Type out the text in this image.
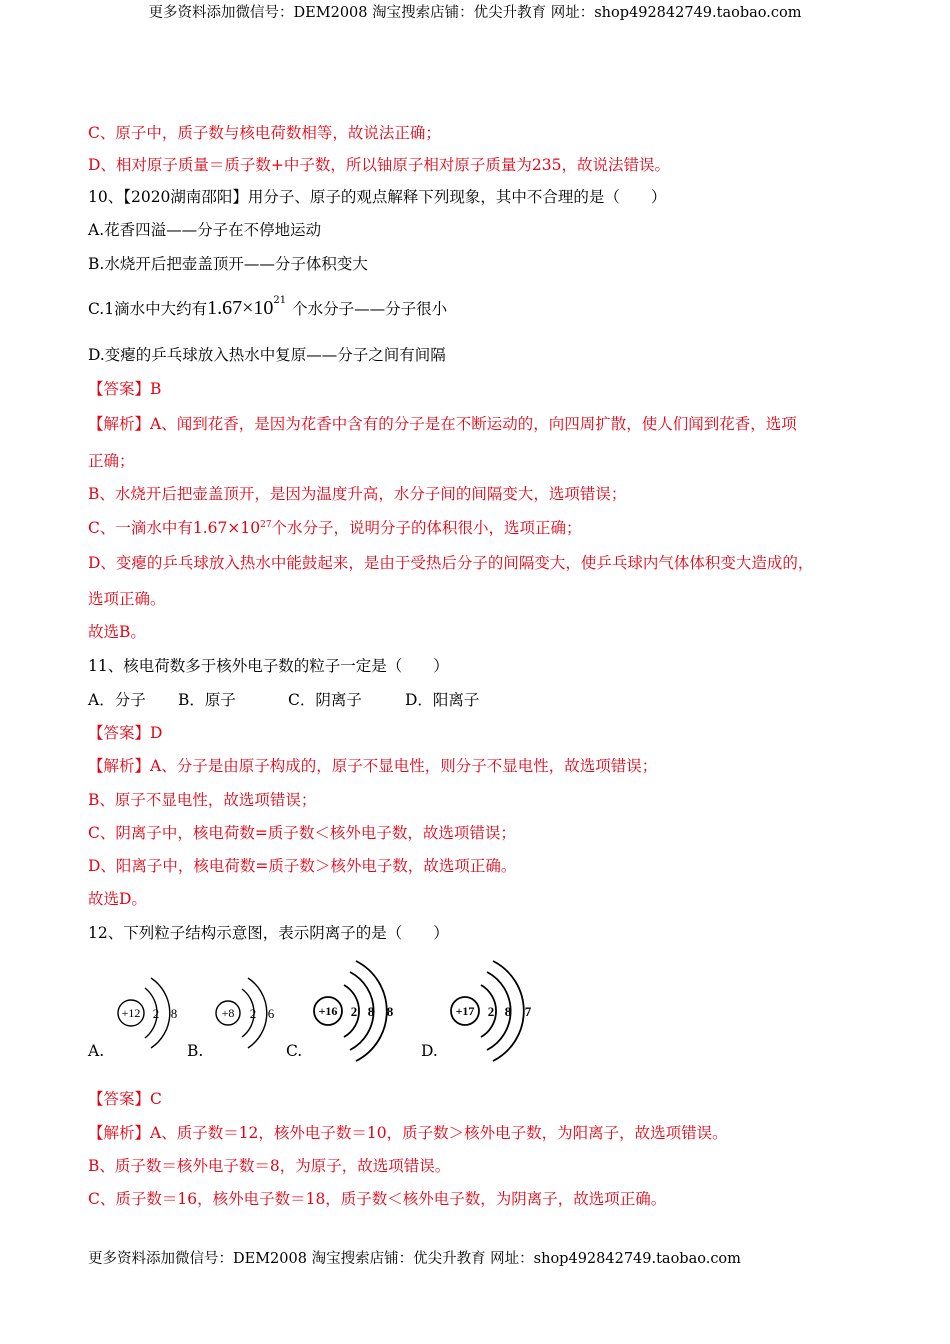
更多资料添加微信号：DEM2008 淘宝搜索店铺：优尖升教育 网址：shop492842749.taobao.com
C、原子中，质子数与核电荷数相等，故说法正确；
D、相对原子质量＝质子数+中子数，所以铀原子相对原子质量为235，故说法错误。
10、【2020湖南邵阳】用分子、原子的观点解释下列现象，其中不合理的是（　　）
A.花香四溢——分子在不停地运动
B.水烧开后把壶盖顶开——分子体积变大
C.1滴水中大约有$1.67\times 10^{21}$ 个水分子——分子很小
D.变瘪的乒乓球放入热水中复原——分子之间有间隔
【答案】B
【解析】A、闻到花香，是因为花香中含有的分子是在不断运动的，向四周扩散，使人们闻到花香，选项
正确；
B、水烧开后把壶盖顶开，是因为温度升高，水分子间的间隔变大，选项错误；
C、一滴水中有$1.67\times 10^{27}$个水分子，说明分子的体积很小，选项正确；
D、变瘪的乒乓球放入热水中能鼓起来，是由于受热后分子的间隔变大，使乒乓球内气体体积变大造成的，
选项正确。
故选B。
11、核电荷数多于核外电子数的粒子一定是（　　）
A．分子 B．原子	C．阴离子	D．阳离子
【答案】D
【解析】A、分子是由原子构成的，原子不显电性，则分子不显电性，故选项错误；
B、原子不显电性，故选项错误；
C、阴离子中，核电荷数=质子数＜核外电子数，故选项错误；
D、阳离子中，核电荷数=质子数＞核外电子数，故选项正确。
故选D。
12、下列粒子结构示意图，表示阴离子的是（　　）
A.	B.	C.	D.
+12 2 8	+8 2 6	+16 2 8 8	+17 2 8 7
【答案】C
【解析】A、质子数＝12，核外电子数＝10，质子数＞核外电子数，为阳离子，故选项错误。
B、质子数＝核外电子数＝8，为原子，故选项错误。
C、质子数＝16，核外电子数＝18，质子数＜核外电子数，为阴离子，故选项正确。
更多资料添加微信号：DEM2008 淘宝搜索店铺：优尖升教育 网址：shop492842749.taobao.com
